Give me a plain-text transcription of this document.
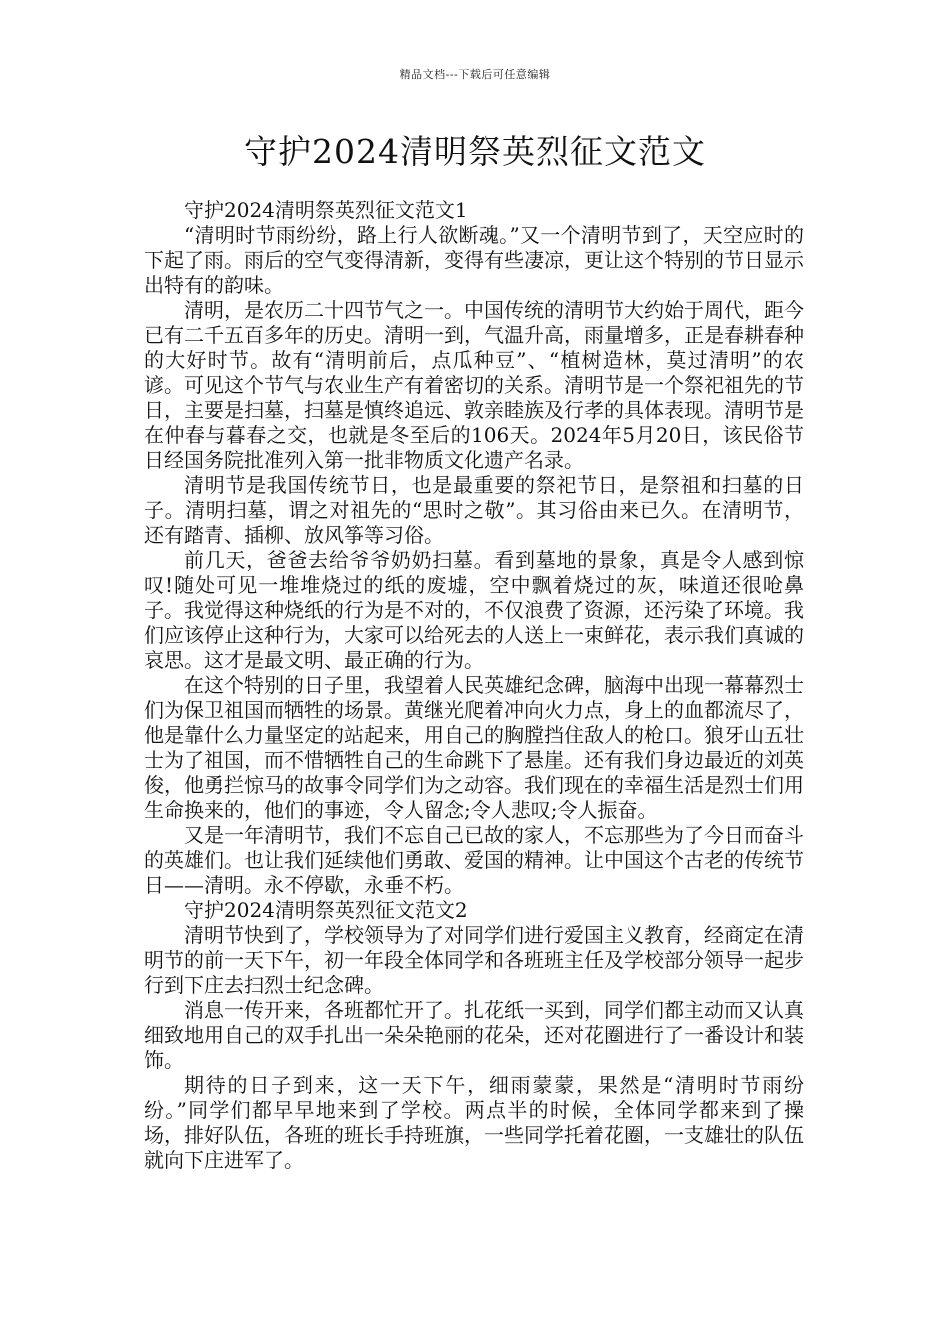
精品文档---下载后可任意编辑
守护2024清明祭英烈征文范文

守护2024清明祭英烈征文范文1

“清明时节雨纷纷，路上行人欲断魂。”又一个清明节到了，天空应时的下起了雨。雨后的空气变得清新，变得有些凄凉，更让这个特别的节日显示出特有的韵味。

清明，是农历二十四节气之一。中国传统的清明节大约始于周代，距今已有二千五百多年的历史。清明一到，气温升高，雨量增多，正是春耕春种的大好时节。故有“清明前后，点瓜种豆”、“植树造林，莫过清明”的农谚。可见这个节气与农业生产有着密切的关系。清明节是一个祭祀祖先的节日，主要是扫墓，扫墓是慎终追远、敦亲睦族及行孝的具体表现。清明节是在仲春与暮春之交，也就是冬至后的106天。2024年5月20日，该民俗节日经国务院批准列入第一批非物质文化遗产名录。

清明节是我国传统节日，也是最重要的祭祀节日，是祭祖和扫墓的日子。清明扫墓，谓之对祖先的“思时之敬”。其习俗由来已久。在清明节，还有踏青、插柳、放风筝等习俗。

前几天，爸爸去给爷爷奶奶扫墓。看到墓地的景象，真是令人感到惊叹!随处可见一堆堆烧过的纸的废墟，空中飘着烧过的灰，味道还很呛鼻子。我觉得这种烧纸的行为是不对的，不仅浪费了资源，还污染了环境。我们应该停止这种行为，大家可以给死去的人送上一束鲜花，表示我们真诚的哀思。这才是最文明、最正确的行为。

在这个特别的日子里，我望着人民英雄纪念碑，脑海中出现一幕幕烈士们为保卫祖国而牺牲的场景。黄继光爬着冲向火力点，身上的血都流尽了，他是靠什么力量坚定的站起来，用自己的胸膛挡住敌人的枪口。狼牙山五壮士为了祖国，而不惜牺牲自己的生命跳下了悬崖。还有我们身边最近的刘英俊，他勇拦惊马的故事令同学们为之动容。我们现在的幸福生活是烈士们用生命换来的，他们的事迹，令人留念;令人悲叹;令人振奋。

又是一年清明节，我们不忘自己已故的家人，不忘那些为了今日而奋斗的英雄们。也让我们延续他们勇敢、爱国的精神。让中国这个古老的传统节日——清明。永不停歇，永垂不朽。

守护2024清明祭英烈征文范文2

清明节快到了，学校领导为了对同学们进行爱国主义教育，经商定在清明节的前一天下午，初一年段全体同学和各班班主任及学校部分领导一起步行到下庄去扫烈士纪念碑。

消息一传开来，各班都忙开了。扎花纸一买到，同学们都主动而又认真细致地用自己的双手扎出一朵朵艳丽的花朵，还对花圈进行了一番设计和装饰。

期待的日子到来，这一天下午，细雨蒙蒙，果然是“清明时节雨纷纷。”同学们都早早地来到了学校。两点半的时候，全体同学都来到了操场，排好队伍，各班的班长手持班旗，一些同学托着花圈，一支雄壮的队伍就向下庄进军了。
